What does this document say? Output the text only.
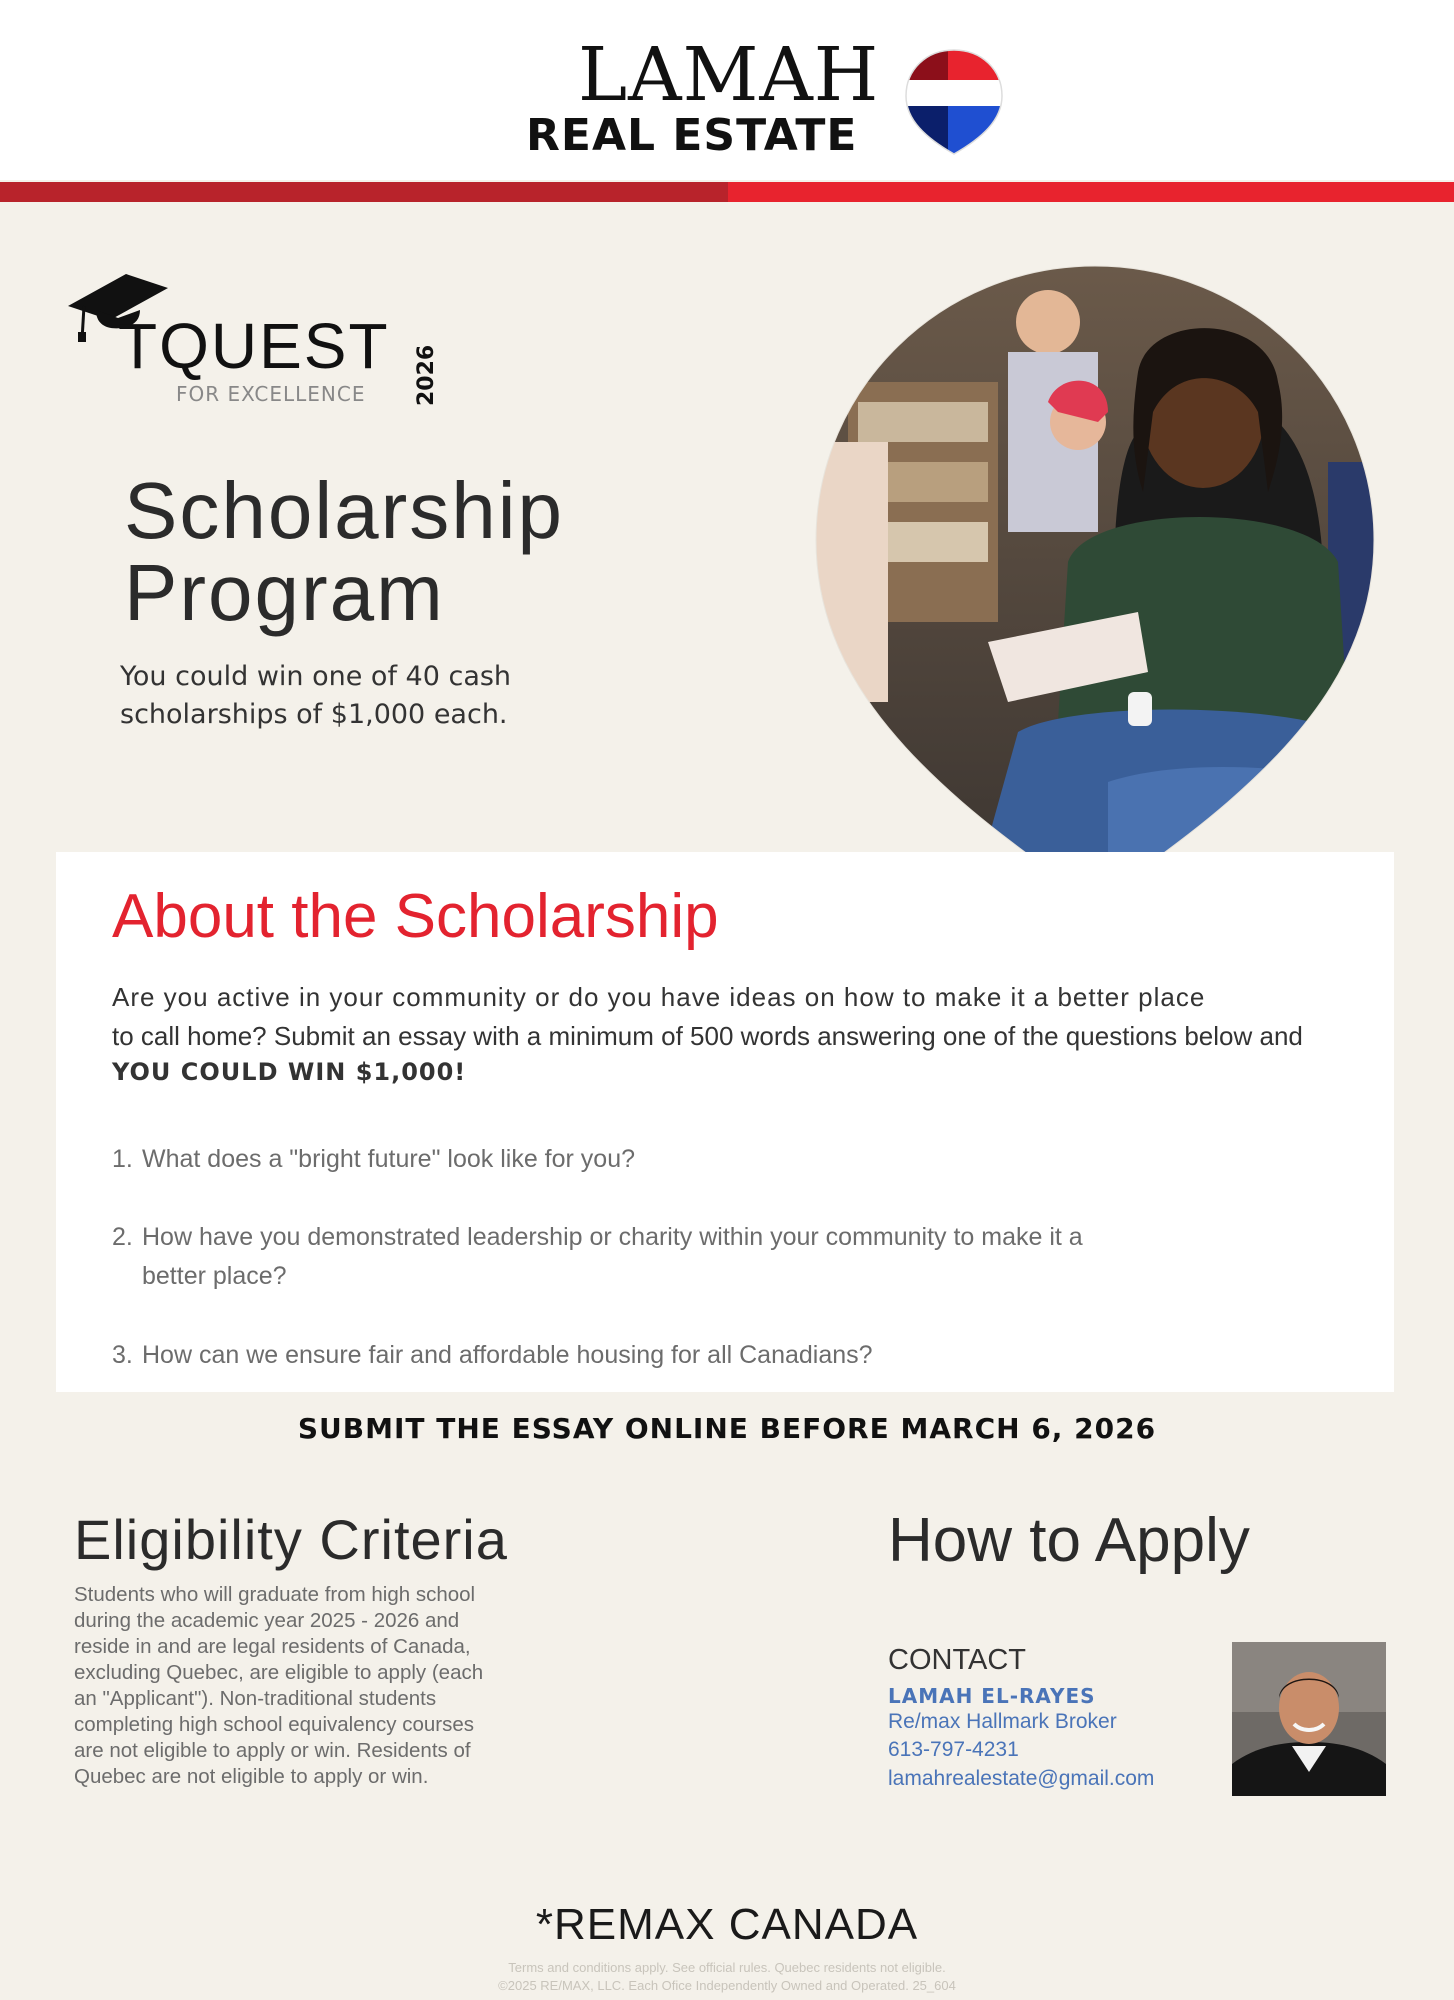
LAMAH
REAL ESTATE
TQUEST 2026
FOR EXCELLENCE
Scholarship
Program
You could win one of 40 cash
scholarships of $1,000 each.
About the Scholarship
Are you active in your community or do you have ideas on how to make it a better place
to call home? Submit an essay with a minimum of 500 words answering one of the questions below and
YOU COULD WIN $1,000!
1. What does a "bright future" look like for you?
2. How have you demonstrated leadership or charity within your community to make it a
better place?
3. How can we ensure fair and affordable housing for all Canadians?
SUBMIT THE ESSAY ONLINE BEFORE MARCH 6, 2026
Eligibility Criteria
Students who will graduate from high school
during the academic year 2025 - 2026 and
reside in and are legal residents of Canada,
excluding Quebec, are eligible to apply (each
an "Applicant"). Non-traditional students
completing high school equivalency courses
are not eligible to apply or win. Residents of
Quebec are not eligible to apply or win.
How to Apply
CONTACT
LAMAH EL-RAYES
Re/max Hallmark Broker
613-797-4231
lamahrealestate@gmail.com
*REMAX CANADA
Terms and conditions apply. See official rules. Quebec residents not eligible.
©2025 RE/MAX, LLC. Each Ofice Independently Owned and Operated. 25_604
